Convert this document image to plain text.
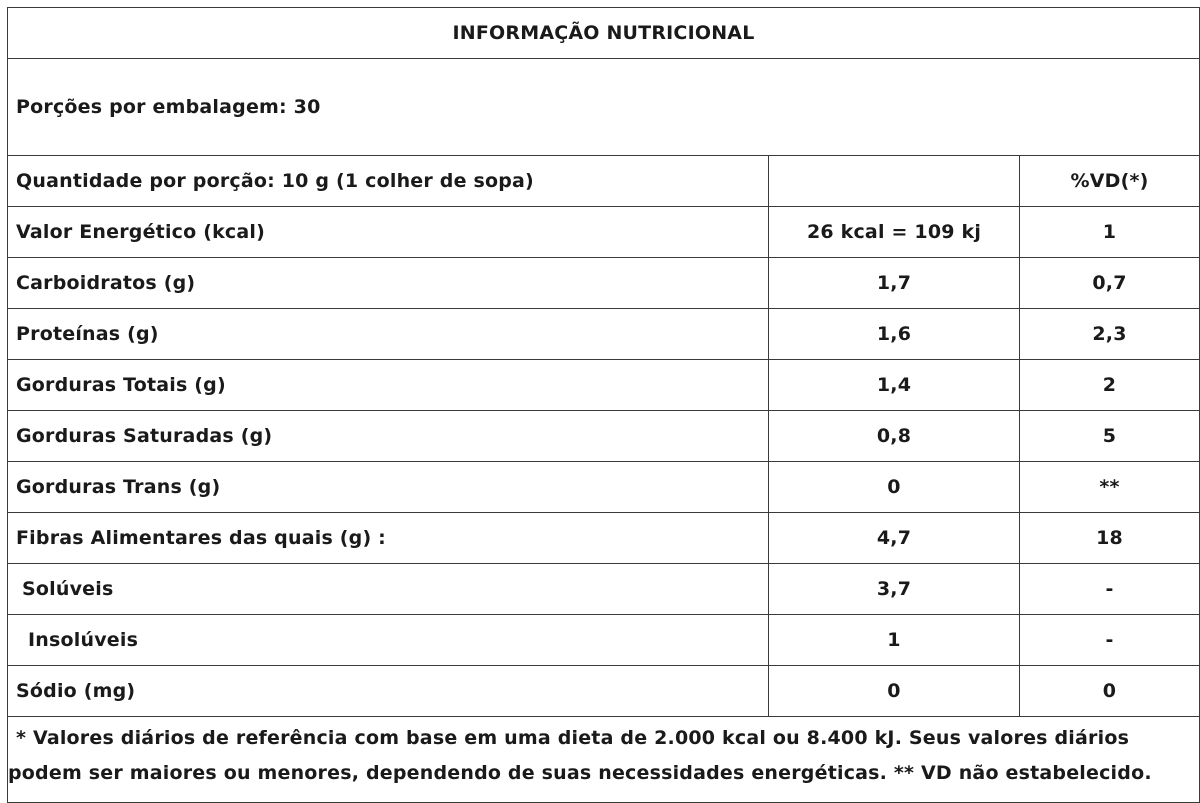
INFORMAÇÃO NUTRICIONAL		
Porções por embalagem: 30		
Quantidade por porção: 10 g (1 colher de sopa)		%VD(*)
Valor Energético (kcal)	26 kcal = 109 kj	1
Carboidratos (g)	1,7	0,7
Proteínas (g)	1,6	2,3
Gorduras Totais (g)	1,4	2
Gorduras Saturadas (g)	0,8	5
Gorduras Trans (g)	0	**
Fibras Alimentares das quais (g) :	4,7	18
Solúveis	3,7	-
Insolúveis	1	-
Sódio (mg)	0	0

* Valores diários de referência com base em uma dieta de 2.000 kcal ou 8.400 kJ. Seus valores diários
podem ser maiores ou menores, dependendo de suas necessidades energéticas. ** VD não estabelecido.		
